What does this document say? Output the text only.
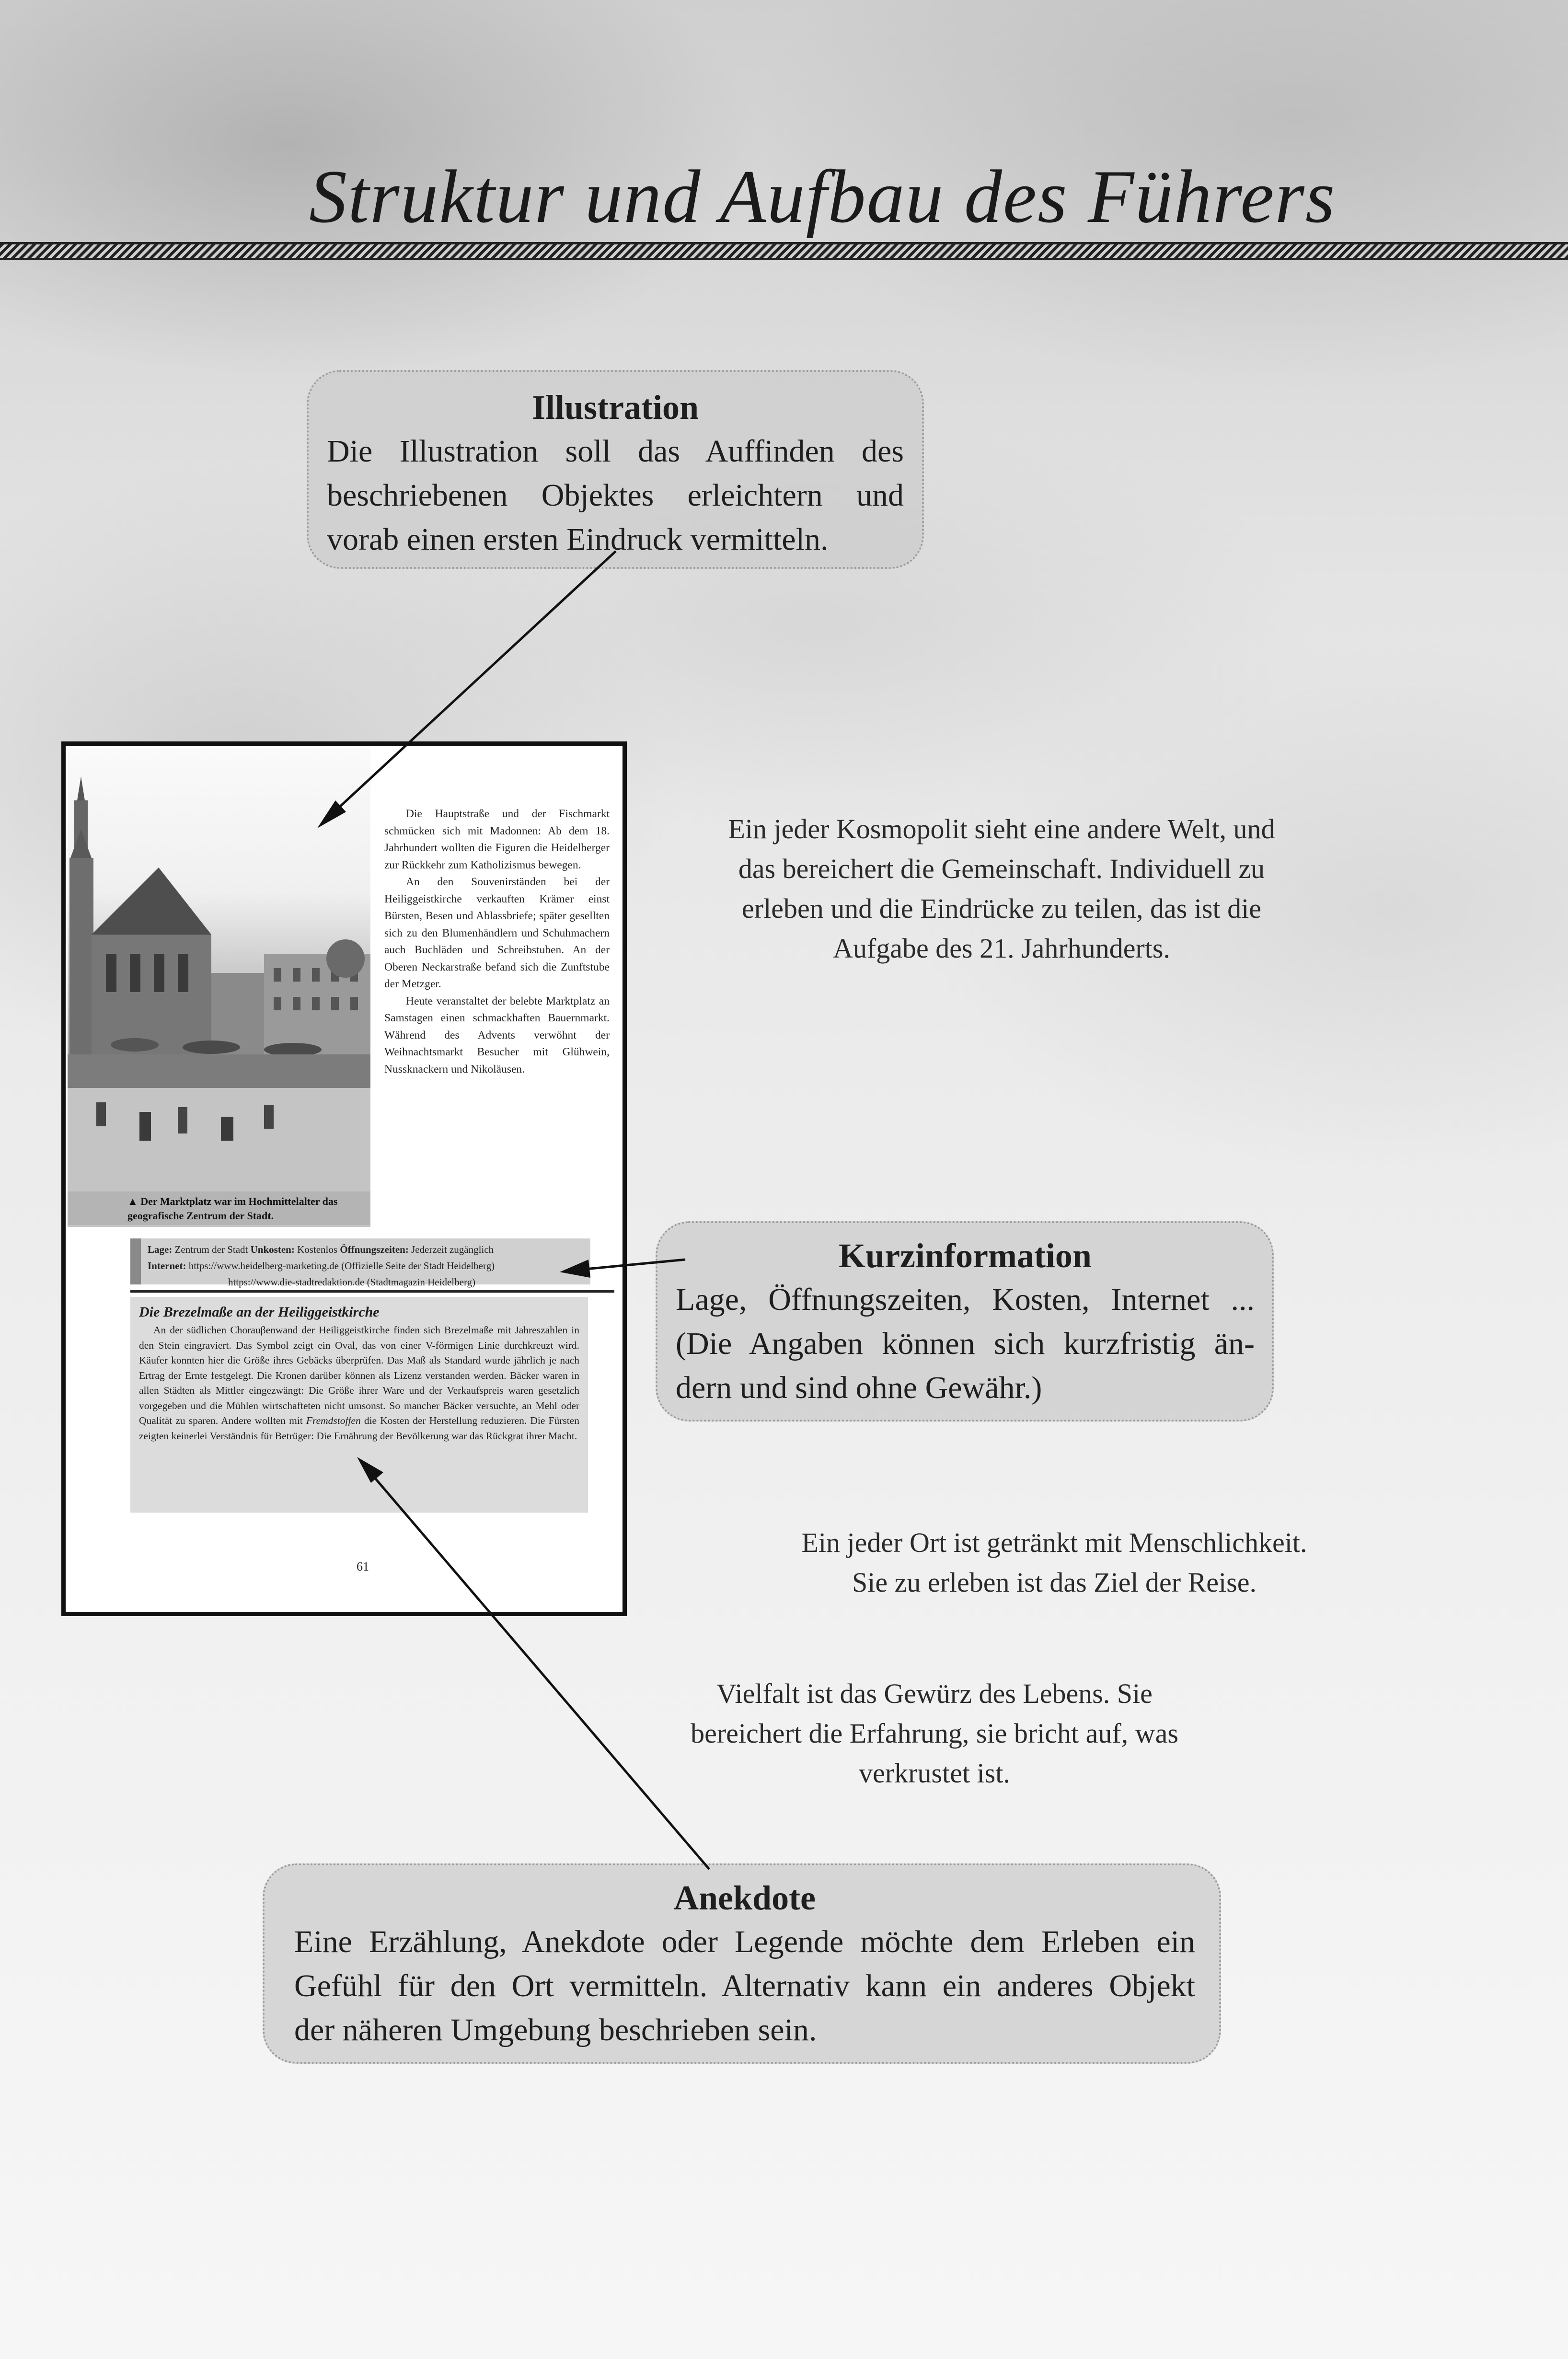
Struktur und Aufbau des Führers
Illustration

Die Illustration soll das Auffinden des

beschriebenen Objektes erleichtern und

vorab einen ersten Eindruck vermitteln.

Kurzinformation

Lage, Öffnungszeiten, Kosten, Internet ...

(Die Angaben können sich kurzfristig än-

dern und sind ohne Gewähr.)

Anekdote

Eine Erzählung, Anekdote oder Legende möchte dem Erleben ein

Gefühl für den Ort vermitteln. Alternativ kann ein anderes Objekt

der näheren Umgebung beschrieben sein.

Ein jeder Kosmopolit sieht eine andere Welt, und
das bereichert die Gemeinschaft. Individuell zu
erleben und die Eindrücke zu teilen, das ist die
Aufgabe des 21. Jahrhunderts.
Ein jeder Ort ist getränkt mit Menschlichkeit.
Sie zu erleben ist das Ziel der Reise.
Vielfalt ist das Gewürz des Lebens. Sie
bereichert die Erfahrung, sie bricht auf, was
verkrustet ist.
▲ Der Marktplatz war im Hochmittelalter das geografische Zentrum der Stadt.
Die Hauptstraße und der Fischmarkt schmücken sich mit Madonnen: Ab dem 18. Jahrhundert wollten die Figuren die Heidelberger zur Rückkehr zum Katholizismus bewegen.
An den Souvenirständen bei der Heiliggeistkirche verkauften Krämer einst Bürsten, Besen und Ablassbriefe; später gesellten sich zu den Blumenhändlern und Schuhmachern auch Buchläden und Schreibstuben. An der Oberen Neckarstraße befand sich die Zunftstube der Metzger.
Heute veranstaltet der belebte Marktplatz an Samstagen einen schmackhaften Bauernmarkt. Während des Advents verwöhnt der Weihnachtsmarkt Besucher mit Glühwein, Nussknackern und Nikoläusen.
Lage: Zentrum der Stadt Unkosten: Kostenlos Öffnungszeiten: Jederzeit zugänglich
Internet: https://www.heidelberg-marketing.de (Offizielle Seite der Stadt Heidelberg)
https://www.die-stadtredaktion.de (Stadtmagazin Heidelberg)
Die Brezelmaße an der Heiliggeistkirche
An der südlichen Chorauβenwand der Heiliggeistkirche finden sich Brezelmaße mit Jahreszahlen in den Stein eingraviert. Das Symbol zeigt ein Oval, das von einer V-förmigen Linie durchkreuzt wird. Käufer konnten hier die Größe ihres Gebäcks überprüfen. Das Maß als Standard wurde jährlich je nach Ertrag der Ernte festgelegt. Die Kronen darüber können als Lizenz verstanden werden. Bäcker waren in allen Städten als Mittler eingezwängt: Die Größe ihrer Ware und der Verkaufspreis waren gesetzlich vorgegeben und die Mühlen wirtschafteten nicht umsonst. So mancher Bäcker versuchte, an Mehl oder Qualität zu sparen. Andere wollten mit Fremdstoffen die Kosten der Herstellung reduzieren. Die Fürsten zeigten keinerlei Verständnis für Betrüger: Die Ernährung der Bevölkerung war das Rückgrat ihrer Macht.
61
